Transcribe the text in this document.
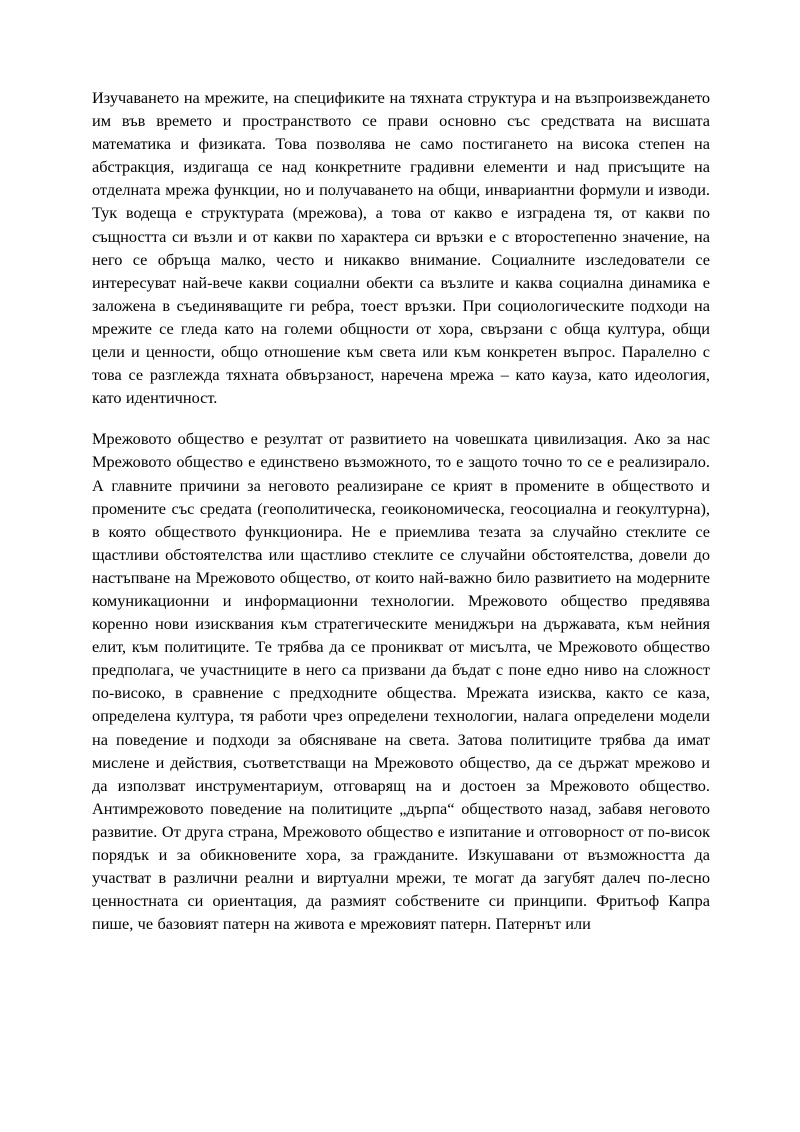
Изучаването на мрежите, на спецификите на тяхната структура и на възпроизвеждането им във времето и пространството се прави основно със средствата на висшата математика и физиката. Това позволява не само постигането на висока степен на абстракция, издигаща се над конкретните градивни елементи и над присъщите на отделната мрежа функции, но и получаването на общи, инвариантни формули и изводи. Тук водеща е структурата (мрежова), а това от какво е изградена тя, от какви по същността си възли и от какви по характера си връзки е с второстепенно значение, на него се обръща малко, често и никакво внимание. Социалните изследователи се интересуват най-вече какви социални обекти са възлите и каква социална динамика е заложена в съединяващите ги ребра, тоест връзки. При социологическите подходи на мрежите се гледа като на големи общности от хора, свързани с обща култура, общи цели и ценности, общо отношение към света или към конкретен въпрос. Паралелно с това се разглежда тяхната обвързаност, наречена мрежа – като кауза, като идеология, като идентичност.

Мрежовото общество е резултат от развитието на човешката цивилизация. Ако за нас Мрежовото общество е единствено възможното, то е защото точно то се е реализирало. А главните причини за неговото реализиране се крият в промените в обществото и промените със средата (геополитическа, геоикономическа, геосоциална и геокултурна), в която обществото функционира. Не е приемлива тезата за случайно стеклите се щастливи обстоятелства или щастливо стеклите се случайни обстоятелства, довели до настъпване на Мрежовото общество, от които най-важно било развитието на модерните комуникационни и информационни технологии. Мрежовото общество предявява коренно нови изисквания към стратегическите мениджъри на държавата, към нейния елит, към политиците. Те трябва да се проникват от мисълта, че Мрежовото общество предполага, че участниците в него са призвани да бъдат с поне едно ниво на сложност по-високо, в сравнение с предходните общества. Мрежата изисква, както се каза, определена култура, тя работи чрез определени технологии, налага определени модели на поведение и подходи за обясняване на света. Затова политиците трябва да имат мислене и действия, съответстващи на Мрежовото общество, да се държат мрежово и да използват инструментариум, отговарящ на и достоен за Мрежовото общество. Антимрежовото поведение на политиците „дърпа“ обществото назад, забавя неговото развитие. От друга страна, Мрежовото общество е изпитание и отговорност от по-висок порядък и за обикновените хора, за гражданите. Изкушавани от възможността да участват в различни реални и виртуални мрежи, те могат да загубят далеч по-лесно ценностната си ориентация, да размият собствените си принципи. Фритьоф Капра пише, че базовият патерн на живота е мрежовият патерн. Патернът или
